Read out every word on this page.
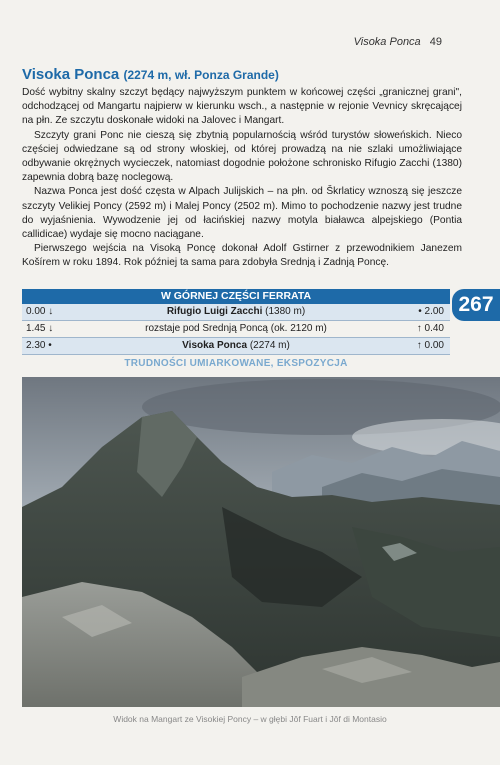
Visoka Ponca 49
Visoka Ponca (2274 m, wł. Ponza Grande)

Dość wybitny skalny szczyt będący najwyższym punktem w końcowej części „granicznej grani", odchodzącej od Mangartu najpierw w kierunku wsch., a następnie w rejonie Vevnicy skręcającej na płn. Ze szczytu doskonałe widoki na Jalovec i Mangart.

Szczyty grani Ponc nie cieszą się zbytnią popularnością wśród turystów słoweńskich. Nieco częściej odwiedzane są od strony włoskiej, od której prowadzą na nie szlaki umożliwiające odbywanie okrężnych wycieczek, natomiast dogodnie położone schronisko Rifugio Zacchi (1380) zapewnia dobrą bazę noclegową.

Nazwa Ponca jest dość częsta w Alpach Julijskich – na płn. od Škrlaticy wznoszą się jeszcze szczyty Velikiej Poncy (2592 m) i Malej Poncy (2502 m). Mimo to pochodzenie nazwy jest trudne do wyjaśnienia. Wywodzenie jej od łacińskiej nazwy motyla białawca alpejskiego (Pontia callidicae) wydaje się mocno naciągane.

Pierwszego wejścia na Visoką Poncę dokonał Adolf Gstirner z przewodnikiem Janezem Košírem w roku 1894. Rok później ta sama para zdobyła Srednją i Zadnją Poncę.

W GÓRNEJ CZĘŚCI FERRATA
0.00 ↓	Rifugio Luigi Zacchi (1380 m)	• 2.00
1.45 ↓	rozstaje pod Srednją Poncą (ok. 2120 m)	↑ 0.40
2.30 •	Visoka Ponca (2274 m)	↑ 0.00
TRUDNOŚCI UMIARKOWANE, EKSPOZYCJA
267
Widok na Mangart ze Visokiej Poncy – w głębi Jôf Fuart i Jôf di Montasio
